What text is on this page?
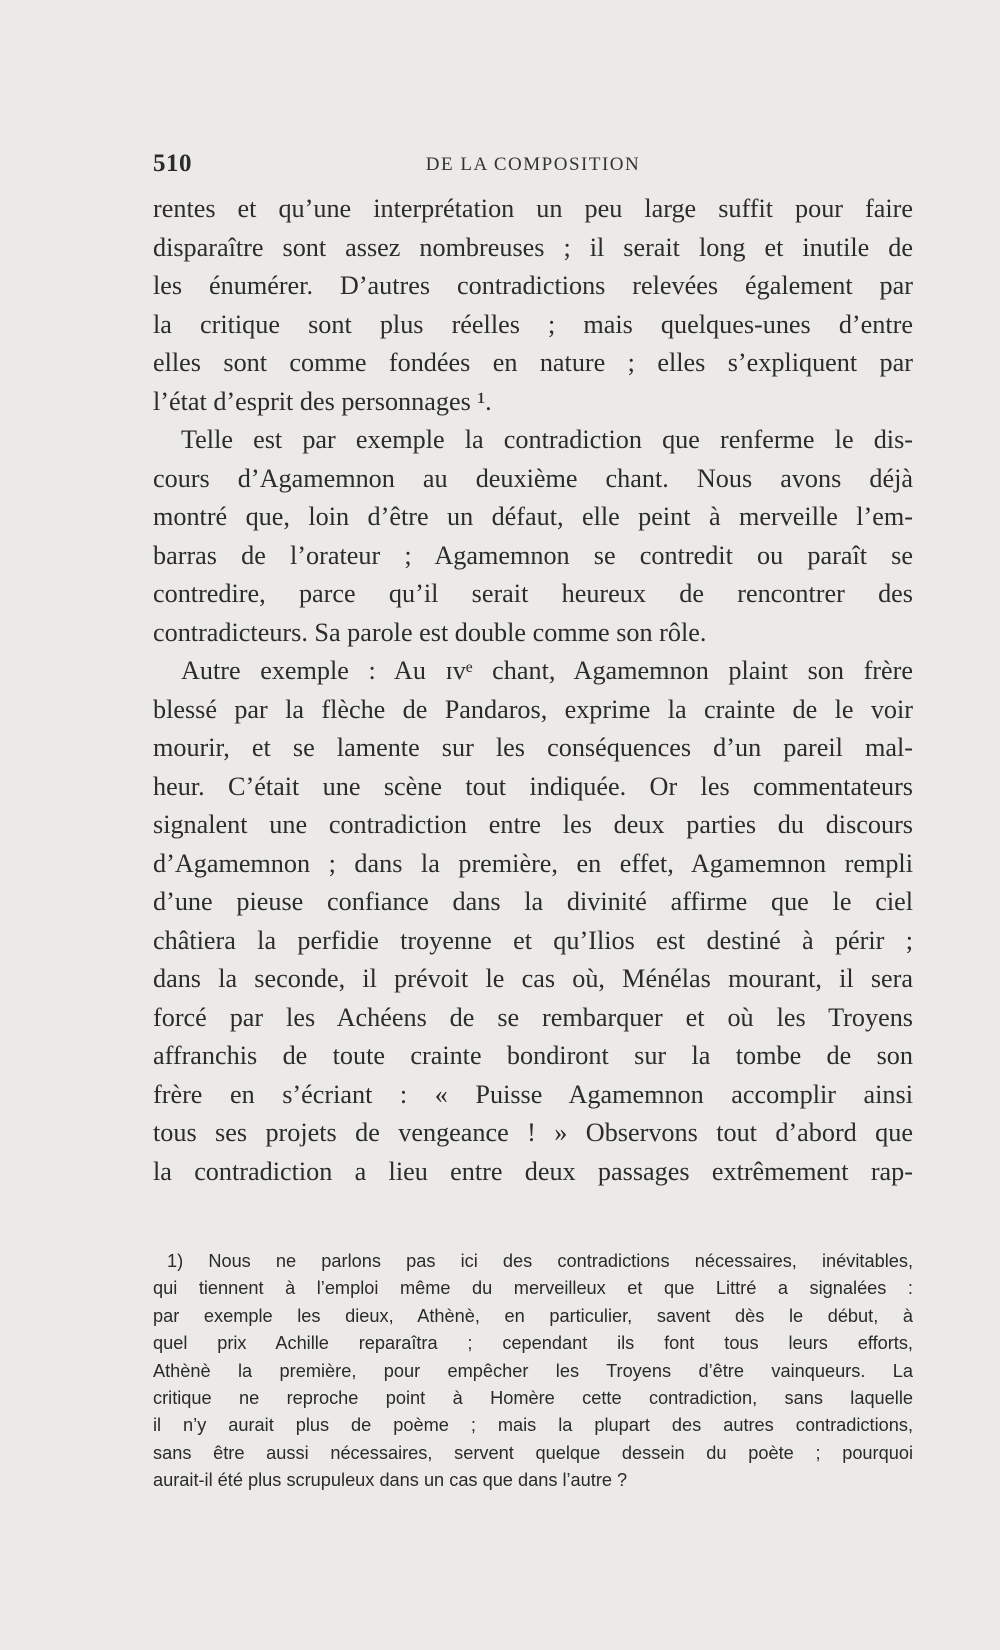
510	DE LA COMPOSITION
rentes et qu’une interprétation un peu large suffit pour faire
disparaître sont assez nombreuses ; il serait long et inutile de
les énumérer. D’autres contradictions relevées également par
la critique sont plus réelles ; mais quelques-unes d’entre
elles sont comme fondées en nature ; elles s’expliquent par
l’état d’esprit des personnages ¹.
Telle est par exemple la contradiction que renferme le dis-
cours d’Agamemnon au deuxième chant. Nous avons déjà
montré que, loin d’être un défaut, elle peint à merveille l’em-
barras de l’orateur ; Agamemnon se contredit ou paraît se
contredire, parce qu’il serait heureux de rencontrer des
contradicteurs. Sa parole est double comme son rôle.
Autre exemple : Au ɪvᵉ chant, Agamemnon plaint son frère
blessé par la flèche de Pandaros, exprime la crainte de le voir
mourir, et se lamente sur les conséquences d’un pareil mal-
heur. C’était une scène tout indiquée. Or les commentateurs
signalent une contradiction entre les deux parties du discours
d’Agamemnon ; dans la première, en effet, Agamemnon rempli
d’une pieuse confiance dans la divinité affirme que le ciel
châtiera la perfidie troyenne et qu’Ilios est destiné à périr ;
dans la seconde, il prévoit le cas où, Ménélas mourant, il sera
forcé par les Achéens de se rembarquer et où les Troyens
affranchis de toute crainte bondiront sur la tombe de son
frère en s’écriant : « Puisse Agamemnon accomplir ainsi
tous ses projets de vengeance ! » Observons tout d’abord que
la contradiction a lieu entre deux passages extrêmement rap-
1) Nous ne parlons pas ici des contradictions nécessaires, inévitables,
qui tiennent à l’emploi même du merveilleux et que Littré a signalées :
par exemple les dieux, Athènè, en particulier, savent dès le début, à
quel prix Achille reparaîtra ; cependant ils font tous leurs efforts,
Athènè la première, pour empêcher les Troyens d’être vainqueurs. La
critique ne reproche point à Homère cette contradiction, sans laquelle
il n’y aurait plus de poème ; mais la plupart des autres contradictions,
sans être aussi nécessaires, servent quelque dessein du poète ; pourquoi
aurait-il été plus scrupuleux dans un cas que dans l’autre ?
